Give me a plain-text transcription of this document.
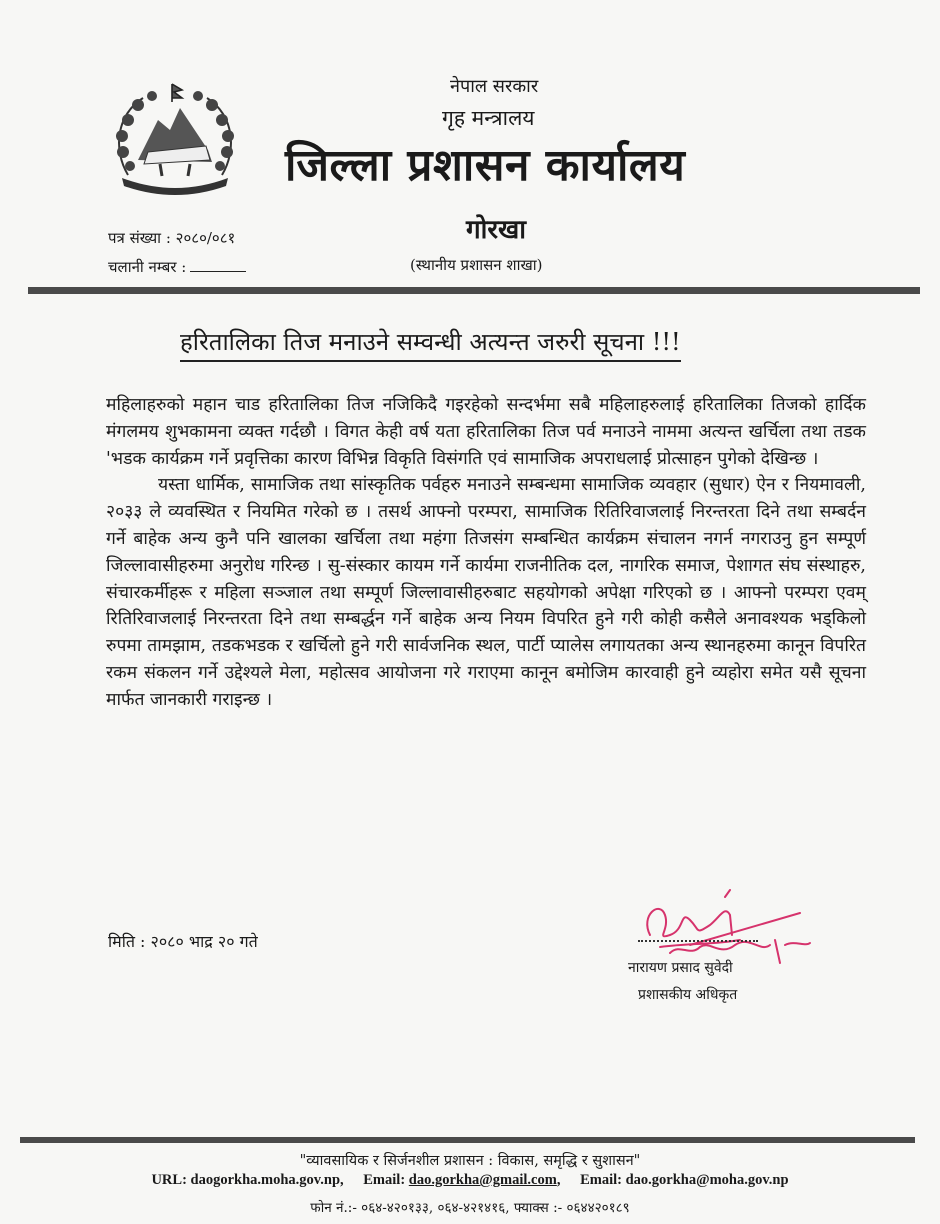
नेपाल सरकार
गृह मन्त्रालय
जिल्ला प्रशासन कार्यालय
गोरखा
(स्थानीय प्रशासन शाखा)
पत्र संख्या : २०८०/०८१
चलानी नम्बर :
हरितालिका तिज मनाउने सम्वन्धी अत्यन्त जरुरी सूचना !!!

महिलाहरुको महान चाड हरितालिका तिज नजिकिदै गइरहेको सन्दर्भमा सबै महिलाहरुलाई हरितालिका तिजको हार्दिक मंगलमय शुभकामना व्यक्त गर्दछौ । विगत केही वर्ष यता हरितालिका तिज पर्व मनाउने नाममा अत्यन्त खर्चिला तथा तडक 'भडक कार्यक्रम गर्ने प्रवृत्तिका कारण विभिन्न विकृति विसंगति एवं सामाजिक अपराधलाई प्रोत्साहन पुगेको देखिन्छ ।

यस्ता धार्मिक, सामाजिक तथा सांस्कृतिक पर्वहरु मनाउने सम्बन्धमा सामाजिक व्यवहार (सुधार) ऐन र नियमावली, २०३३ ले व्यवस्थित र नियमित गरेको छ । तसर्थ आफ्नो परम्परा, सामाजिक रितिरिवाजलाई निरन्तरता दिने तथा सम्बर्दन गर्ने बाहेक अन्य कुनै पनि खालका खर्चिला तथा महंगा तिजसंग सम्बन्धित कार्यक्रम संचालन नगर्न नगराउनु हुन सम्पूर्ण जिल्लावासीहरुमा अनुरोध गरिन्छ । सु-संस्कार कायम गर्ने कार्यमा राजनीतिक दल, नागरिक समाज, पेशागत संघ संस्थाहरु, संचारकर्मीहरू र महिला सञ्जाल तथा सम्पूर्ण जिल्लावासीहरुबाट सहयोगको अपेक्षा गरिएको छ । आफ्नो परम्परा एवम् रितिरिवाजलाई निरन्तरता दिने तथा सम्बर्द्धन गर्ने बाहेक अन्य नियम विपरित हुने गरी कोही कसैले अनावश्यक भड्किलो रुपमा तामझाम, तडकभडक र खर्चिलो हुने गरी सार्वजनिक स्थल, पार्टी प्यालेस लगायतका अन्य स्थानहरुमा कानून विपरित रकम संकलन गर्ने उद्देश्यले मेला, महोत्सव आयोजना गरे गराएमा कानून बमोजिम कारवाही हुने व्यहोरा समेत यसै सूचना मार्फत जानकारी गराइन्छ ।

मिति : २०८० भाद्र २० गते
नारायण प्रसाद सुवेदी
प्रशासकीय अधिकृत
"व्यावसायिक र सिर्जनशील प्रशासन : विकास, समृद्धि र सुशासन"
URL: daogorkha.moha.gov.np, Email: dao.gorkha@gmail.com, Email: dao.gorkha@moha.gov.np
फोन नं.:- ०६४-४२०१३३, ०६४-४२१४१६, फ्याक्स :- ०६४४२०१८९
